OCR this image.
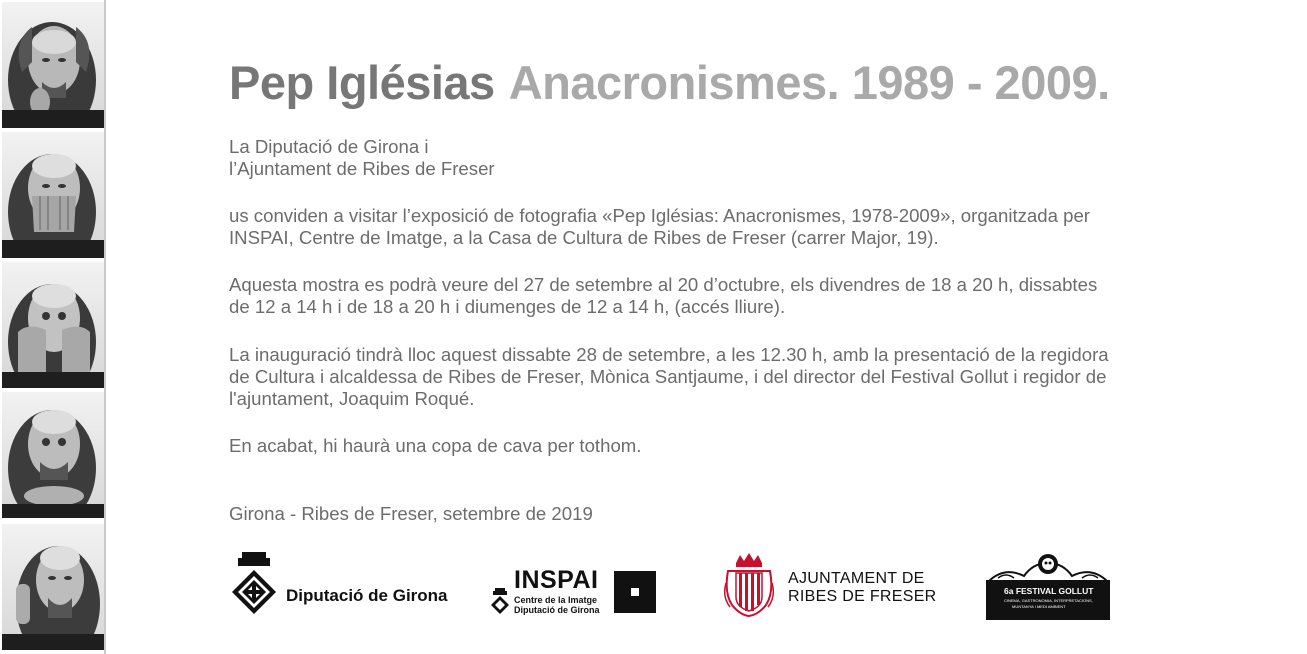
Pep Iglésias Anacronismes. 1989 - 2009.
La Diputació de Girona i
l’Ajuntament de Ribes de Freser
us conviden a visitar l’exposició de fotografia «Pep Iglésias: Anacronismes, 1978-2009», organitzada per
INSPAI, Centre de Imatge, a la Casa de Cultura de Ribes de Freser (carrer Major, 19).
Aquesta mostra es podrà veure del 27 de setembre al 20 d’octubre, els divendres de 18 a 20 h, dissabtes
de 12 a 14 h i de 18 a 20 h i diumenges de 12 a 14 h, (accés lliure).
La inauguració tindrà lloc aquest dissabte 28 de setembre, a les 12.30 h, amb la presentació de la regidora
de Cultura i alcaldessa de Ribes de Freser, Mònica Santjaume, i del director del Festival Gollut i regidor de
l'ajuntament, Joaquim Roqué.
En acabat, hi haurà una copa de cava per tothom.
Girona - Ribes de Freser, setembre de 2019
Diputació de Girona
INSPAI
Centre de la Imatge
Diputació de Girona
AJUNTAMENT DE
RIBES DE FRESER	6a FESTIVAL GOLLUT
CINEMA, GASTRONOMIA, INTERPRETACIONS,
MUNTANYA I MEDI AMBIENT
